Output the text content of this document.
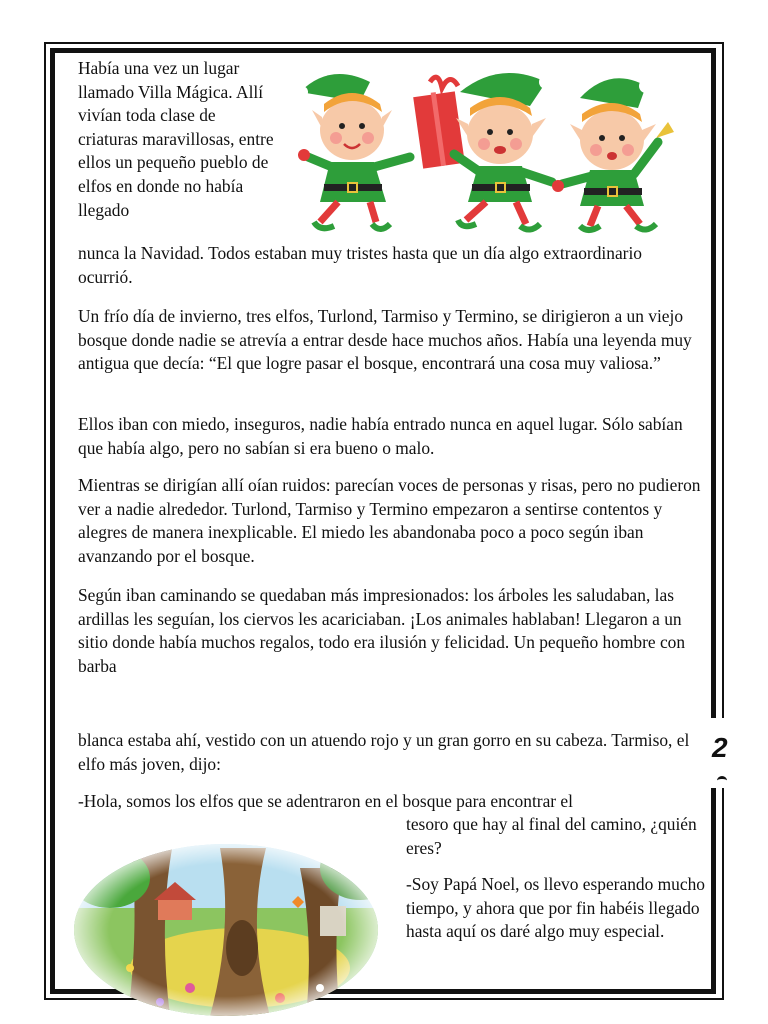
2

Había una vez un lugar llamado Villa Mágica. Allí vivían toda clase de criaturas maravillosas, entre ellos un pequeño pueblo de elfos en donde no había llegado

nunca la Navidad. Todos estaban muy tristes hasta que un día algo extraordinario ocurrió.

Un frío día de invierno, tres elfos, Turlond, Tarmiso y Termino, se dirigieron a un viejo bosque donde nadie se atrevía a entrar desde hace muchos años. Había una leyenda muy antigua que decía: “El que logre pasar el bosque, encontrará una cosa muy valiosa.”

Ellos iban con miedo, inseguros, nadie había entrado nunca en aquel lugar. Sólo sabían que había algo, pero no sabían si era bueno o malo.

Mientras se dirigían allí oían ruidos: parecían voces de personas y risas, pero no pudieron ver a nadie alrededor. Turlond, Tarmiso y Termino empezaron a sentirse contentos y alegres de manera inexplicable. El miedo les abandonaba poco a poco según iban avanzando por el bosque.

Según iban caminando se quedaban más impresionados: los árboles les saludaban, las ardillas les seguían, los ciervos les acariciaban. ¡Los animales hablaban! Llegaron a un sitio donde había muchos regalos, todo era ilusión y felicidad. Un pequeño hombre con barba

blanca estaba ahí, vestido con un atuendo rojo y un gran gorro en su cabeza. Tarmiso, el elfo más joven, dijo:

-Hola, somos los elfos que se adentraron en el bosque para encontrar el

tesoro que hay al final del camino, ¿quién eres?

-Soy Papá Noel, os llevo esperando mucho tiempo, y ahora que por fin habéis llegado hasta aquí os daré algo muy especial.
